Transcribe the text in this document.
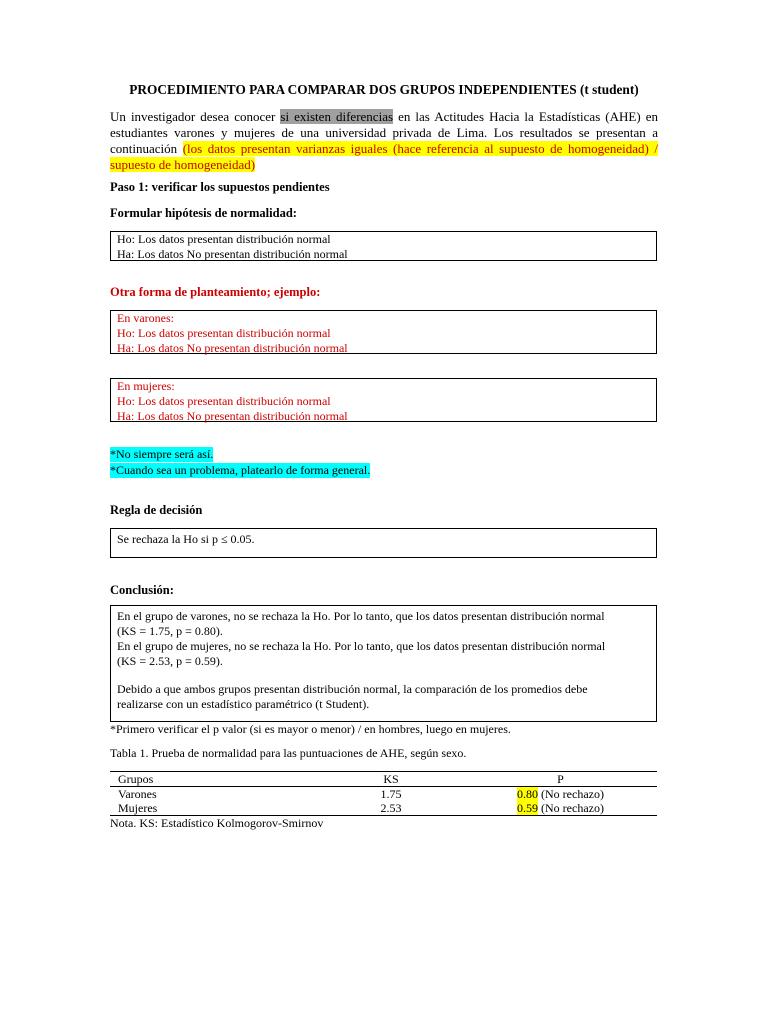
PROCEDIMIENTO PARA COMPARAR DOS GRUPOS INDEPENDIENTES (t student)
Un investigador desea conocer si existen diferencias en las Actitudes Hacia la Estadísticas (AHE) en estudiantes varones y mujeres de una universidad privada de Lima. Los resultados se presentan a continuación (los datos presentan varianzas iguales (hace referencia al supuesto de homogeneidad) / supuesto de homogeneidad)
Paso 1: verificar los supuestos pendientes
Formular hipótesis de normalidad:
Ho: Los datos presentan distribución normal
Ha: Los datos No presentan distribución normal
Otra forma de planteamiento; ejemplo:
En varones:
Ho: Los datos presentan distribución normal
Ha: Los datos No presentan distribución normal
En mujeres:
Ho: Los datos presentan distribución normal
Ha: Los datos No presentan distribución normal
*No siempre será así.
*Cuando sea un problema, platearlo de forma general.
Regla de decisión
Se rechaza la Ho si p ≤ 0.05.
Conclusión:
En el grupo de varones, no se rechaza la Ho. Por lo tanto, que los datos presentan distribución normal
(KS = 1.75, p = 0.80).
En el grupo de mujeres, no se rechaza la Ho. Por lo tanto, que los datos presentan distribución normal
(KS = 2.53, p = 0.59).
Debido a que ambos grupos presentan distribución normal, la comparación de los promedios debe
realizarse con un estadístico paramétrico (t Student).
*Primero verificar el p valor (si es mayor o menor) / en hombres, luego en mujeres.
Tabla 1. Prueba de normalidad para las puntuaciones de AHE, según sexo.
Grupos	KS	P
Varones	1.75	0.80 (No rechazo)
Mujeres	2.53	0.59 (No rechazo)
Nota. KS: Estadístico Kolmogorov-Smirnov
